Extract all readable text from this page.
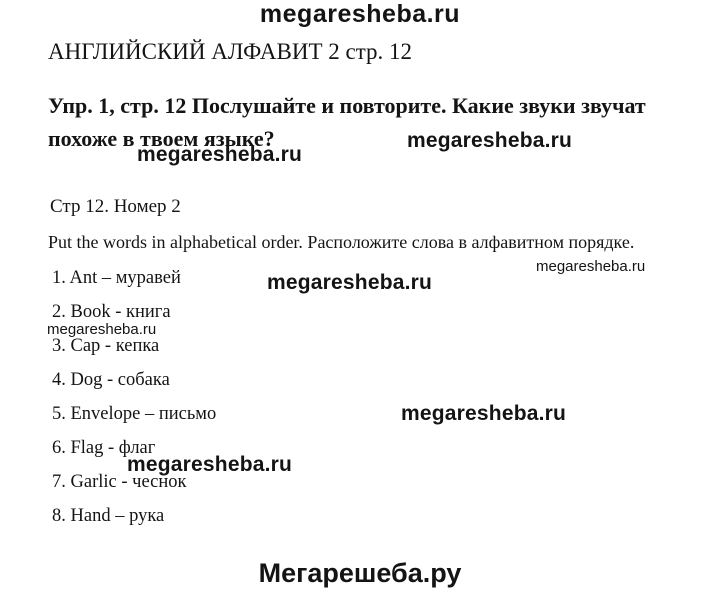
megaresheba.ru
АНГЛИЙСКИЙ АЛФАВИТ 2 стр. 12
Упр. 1, стр. 12 Послушайте и повторите. Какие звуки звучат
похоже в твоем языке?	megaresheba.ru
megaresheba.ru
Стр 12. Номер 2
Put the words in alphabetical order. Расположите слова в алфавитном порядке.
megaresheba.ru
megaresheba.ru
megaresheba.ru
megaresheba.ru
megaresheba.ru
1. Ant – муравей
2. Book - книга
3. Cap - кепка
4. Dog - собака
5. Envelope – письмо
6. Flag - флаг
7. Garlic - чеснок
8. Hand – рука
Мегарешеба.ру
